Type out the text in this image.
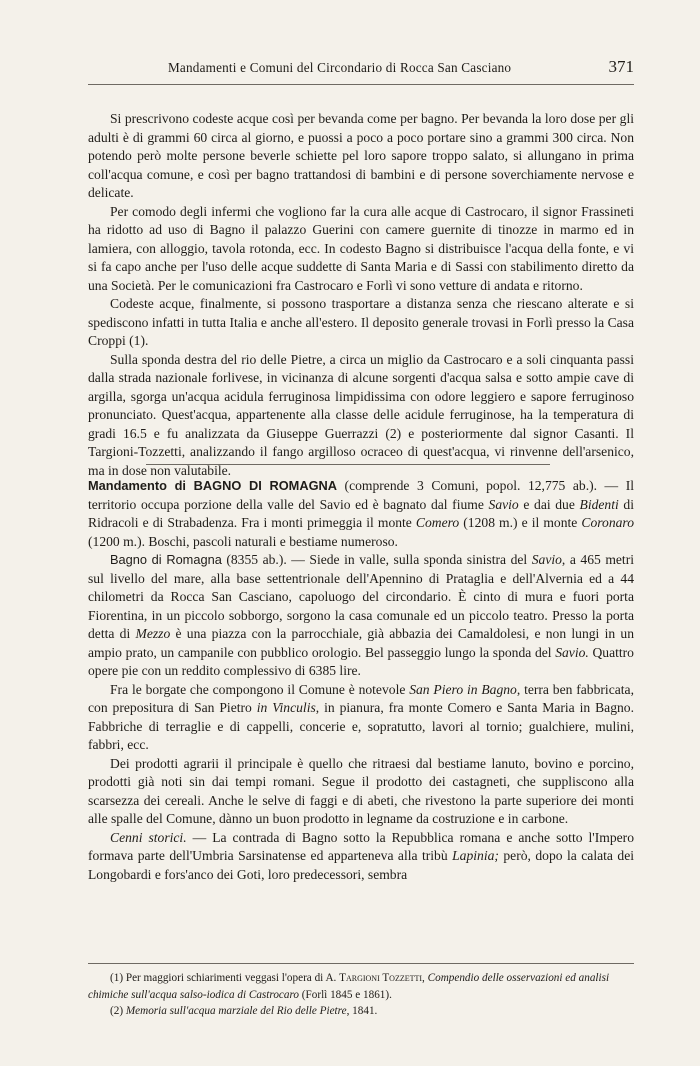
Mandamenti e Comuni del Circondario di Rocca San Casciano	371

Si prescrivono codeste acque così per bevanda come per bagno. Per bevanda la loro dose per gli adulti è di grammi 60 circa al giorno, e puossi a poco a poco portare sino a grammi 300 circa. Non potendo però molte persone beverle schiette pel loro sapore troppo salato, si allungano in prima coll'acqua comune, e così per bagno trattandosi di bambini e di persone soverchiamente nervose e delicate.

Per comodo degli infermi che vogliono far la cura alle acque di Castrocaro, il signor Frassineti ha ridotto ad uso di Bagno il palazzo Guerini con camere guernite di tinozze in marmo ed in lamiera, con alloggio, tavola rotonda, ecc. In codesto Bagno si distribuisce l'acqua della fonte, e vi si fa capo anche per l'uso delle acque suddette di Santa Maria e di Sassi con stabilimento diretto da una Società. Per le comunicazioni fra Castrocaro e Forlì vi sono vetture di andata e ritorno.

Codeste acque, finalmente, si possono trasportare a distanza senza che riescano alterate e si spediscono infatti in tutta Italia e anche all'estero. Il deposito generale trovasi in Forlì presso la Casa Croppi (1).

Sulla sponda destra del rio delle Pietre, a circa un miglio da Castrocaro e a soli cinquanta passi dalla strada nazionale forlivese, in vicinanza di alcune sorgenti d'acqua salsa e sotto ampie cave di argilla, sgorga un'acqua acidula ferruginosa limpidissima con odore leggiero e sapore ferruginoso pronunciato. Quest'acqua, appartenente alla classe delle acidule ferruginose, ha la temperatura di gradi 16.5 e fu analizzata da Giuseppe Guerrazzi (2) e posteriormente dal signor Casanti. Il Targioni-Tozzetti, analizzando il fango argilloso ocraceo di quest'acqua, vi rinvenne dell'arsenico, ma in dose non valutabile.

Mandamento di BAGNO DI ROMAGNA (comprende 3 Comuni, popol. 12,775 ab.). — Il territorio occupa porzione della valle del Savio ed è bagnato dal fiume Savio e dai due Bidenti di Ridracoli e di Strabadenza. Fra i monti primeggia il monte Comero (1208 m.) e il monte Coronaro (1200 m.). Boschi, pascoli naturali e bestiame numeroso.

Bagno di Romagna (8355 ab.). — Siede in valle, sulla sponda sinistra del Savio, a 465 metri sul livello del mare, alla base settentrionale dell'Apennino di Prataglia e dell'Alvernia ed a 44 chilometri da Rocca San Casciano, capoluogo del circondario. È cinto di mura e fuori porta Fiorentina, in un piccolo sobborgo, sorgono la casa comunale ed un piccolo teatro. Presso la porta detta di Mezzo è una piazza con la parrocchiale, già abbazia dei Camaldolesi, e non lungi in un ampio prato, un campanile con pubblico orologio. Bel passeggio lungo la sponda del Savio. Quattro opere pie con un reddito complessivo di 6385 lire.

Fra le borgate che compongono il Comune è notevole San Piero in Bagno, terra ben fabbricata, con prepositura di San Pietro in Vinculis, in pianura, fra monte Comero e Santa Maria in Bagno. Fabbriche di terraglie e di cappelli, concerie e, sopratutto, lavori al tornio; gualchiere, mulini, fabbri, ecc.

Dei prodotti agrarii il principale è quello che ritraesi dal bestiame lanuto, bovino e porcino, prodotti già noti sin dai tempi romani. Segue il prodotto dei castagneti, che suppliscono alla scarsezza dei cereali. Anche le selve di faggi e di abeti, che rivestono la parte superiore dei monti alle spalle del Comune, dànno un buon prodotto in legname da costruzione e in carbone.

Cenni storici. — La contrada di Bagno sotto la Repubblica romana e anche sotto l'Impero formava parte dell'Umbria Sarsinatense ed apparteneva alla tribù Lapinia; però, dopo la calata dei Longobardi e fors'anco dei Goti, loro predecessori, sembra

(1) Per maggiori schiarimenti veggasi l'opera di A. Targioni Tozzetti, Compendio delle osservazioni ed analisi chimiche sull'acqua salso-iodica di Castrocaro (Forlì 1845 e 1861).

(2) Memoria sull'acqua marziale del Rio delle Pietre, 1841.
